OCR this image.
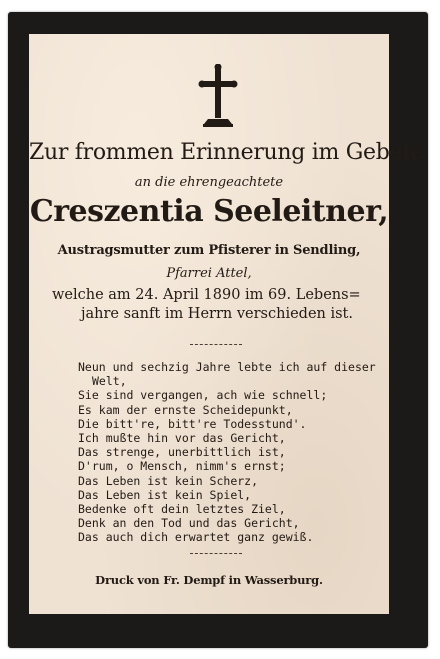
Zur frommen Erinnerung im Gebete
an die ehrengeachtete
Creszentia Seeleitner,
Austragsmutter zum Pfisterer in Sendling,
Pfarrei Attel,
welche am 24. April 1890 im 69. Lebens=
jahre sanft im Herrn verschieden ist.
Neun und sechzig Jahre lebte ich auf dieser
Welt,
Sie sind vergangen, ach wie schnell;
Es kam der ernste Scheidepunkt,
Die bitt're, bitt're Todesstund'.
Ich mußte hin vor das Gericht,
Das strenge, unerbittlich ist,
D'rum, o Mensch, nimm's ernst;
Das Leben ist kein Scherz,
Das Leben ist kein Spiel,
Bedenke oft dein letztes Ziel,
Denk an den Tod und das Gericht,
Das auch dich erwartet ganz gewiß.
Druck von Fr. Dempf in Wasserburg.
